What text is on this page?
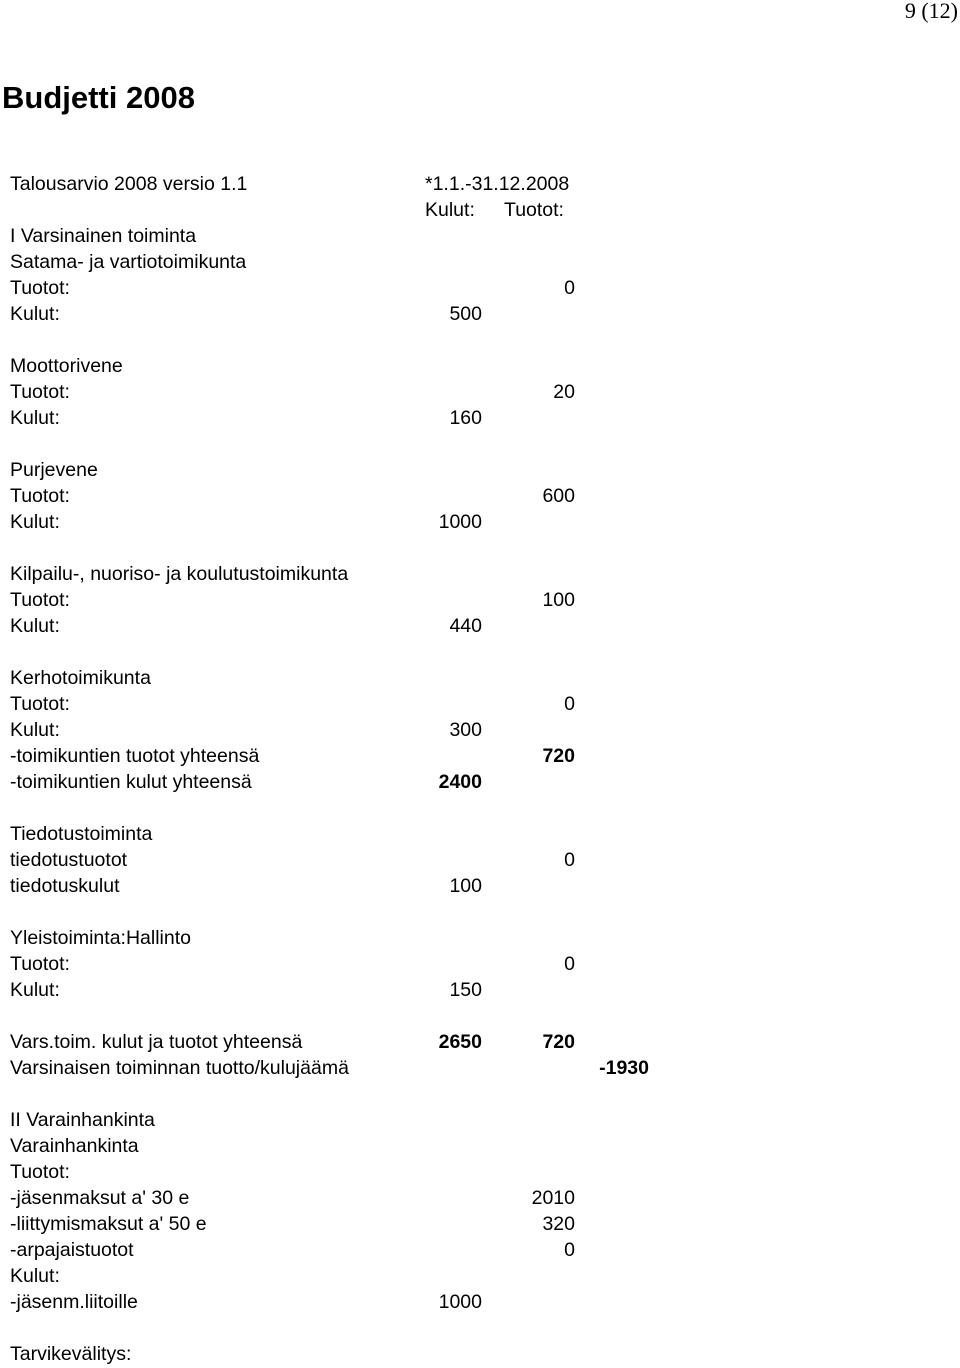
9 (12)
Budjetti 2008
Talousarvio 2008 versio 1.1	*1.1.-31.12.2008
Kulut: Tuotot:
I Varsinainen toiminta
Satama- ja vartiotoimikunta
Tuotot:	0
Kulut:	500
Moottorivene
Tuotot:	20
Kulut:	160
Purjevene
Tuotot:	600
Kulut:	1000
Kilpailu-, nuoriso- ja koulutustoimikunta
Tuotot:	100
Kulut:	440
Kerhotoimikunta
Tuotot:	0
Kulut:	300
-toimikuntien tuotot yhteensä	720
-toimikuntien kulut yhteensä	2400
Tiedotustoiminta
tiedotustuotot	0
tiedotuskulut	100
Yleistoiminta:Hallinto
Tuotot:	0
Kulut:	150
Vars.toim. kulut ja tuotot yhteensä	2650	720
Varsinaisen toiminnan tuotto/kulujäämä	-1930
II Varainhankinta
Varainhankinta
Tuotot:
-jäsenmaksut a' 30 e	2010
-liittymismaksut a' 50 e	320
-arpajaistuotot	0
Kulut:
-jäsenm.liitoille	1000
Tarvikevälitys:
